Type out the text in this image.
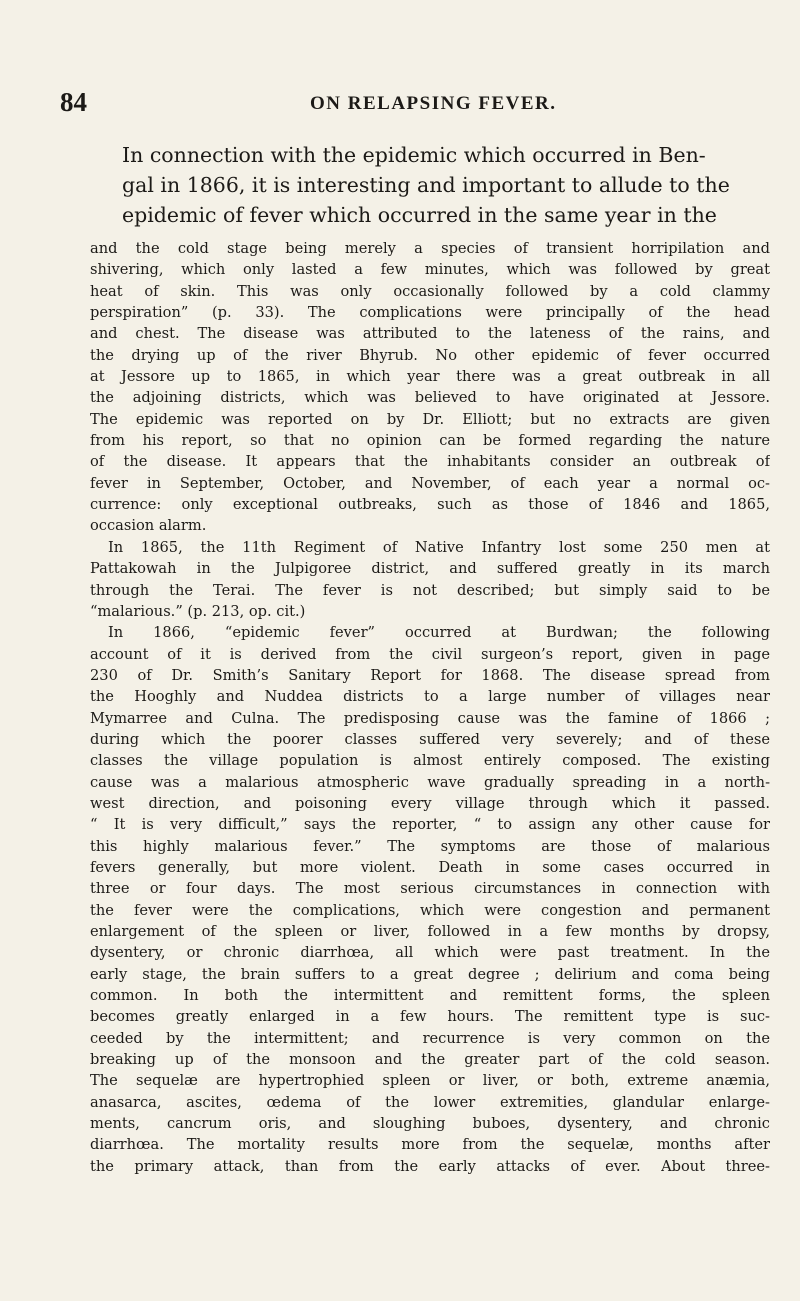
84	ON RELAPSING FEVER.

In connection with the epidemic which occurred in Ben-
gal in 1866, it is interesting and important to allude to the
epidemic of fever which occurred in the same year in the

and the cold stage being merely a species of transient horripilation and
shivering, which only lasted a few minutes, which was followed by great
heat of skin. This was only occasionally followed by a cold clammy
perspiration” (p. 33). The complications were principally of the head
and chest. The disease was attributed to the lateness of the rains, and
the drying up of the river Bhyrub. No other epidemic of fever occurred
at Jessore up to 1865, in which year there was a great outbreak in all
the adjoining districts, which was believed to have originated at Jessore.
The epidemic was reported on by Dr. Elliott; but no extracts are given
from his report, so that no opinion can be formed regarding the nature
of the disease. It appears that the inhabitants consider an outbreak of
fever in September, October, and November, of each year a normal oc-
currence: only exceptional outbreaks, such as those of 1846 and 1865,
occasion alarm.
In 1865, the 11th Regiment of Native Infantry lost some 250 men at
Pattakowah in the Julpigoree district, and suffered greatly in its march
through the Terai. The fever is not described; but simply said to be
“malarious.” (p. 213, op. cit.)
In 1866, “epidemic fever” occurred at Burdwan; the following
account of it is derived from the civil surgeon’s report, given in page
230 of Dr. Smith’s Sanitary Report for 1868. The disease spread from
the Hooghly and Nuddea districts to a large number of villages near
Mymarree and Culna. The predisposing cause was the famine of 1866 ;
during which the poorer classes suffered very severely; and of these
classes the village population is almost entirely composed. The existing
cause was a malarious atmospheric wave gradually spreading in a north-
west direction, and poisoning every village through which it passed.
“ It is very difficult,” says the reporter, “ to assign any other cause for
this highly malarious fever.” The symptoms are those of malarious
fevers generally, but more violent. Death in some cases occurred in
three or four days. The most serious circumstances in connection with
the fever were the complications, which were congestion and permanent
enlargement of the spleen or liver, followed in a few months by dropsy,
dysentery, or chronic diarrhœa, all which were past treatment. In the
early stage, the brain suffers to a great degree ; delirium and coma being
common. In both the intermittent and remittent forms, the spleen
becomes greatly enlarged in a few hours. The remittent type is suc-
ceeded by the intermittent; and recurrence is very common on the
breaking up of the monsoon and the greater part of the cold season.
The sequelæ are hypertrophied spleen or liver, or both, extreme anæmia,
anasarca, ascites, œdema of the lower extremities, glandular enlarge-
ments, cancrum oris, and sloughing buboes, dysentery, and chronic
diarrhœa. The mortality results more from the sequelæ, months after
the primary attack, than from the early attacks of ever. About three-
